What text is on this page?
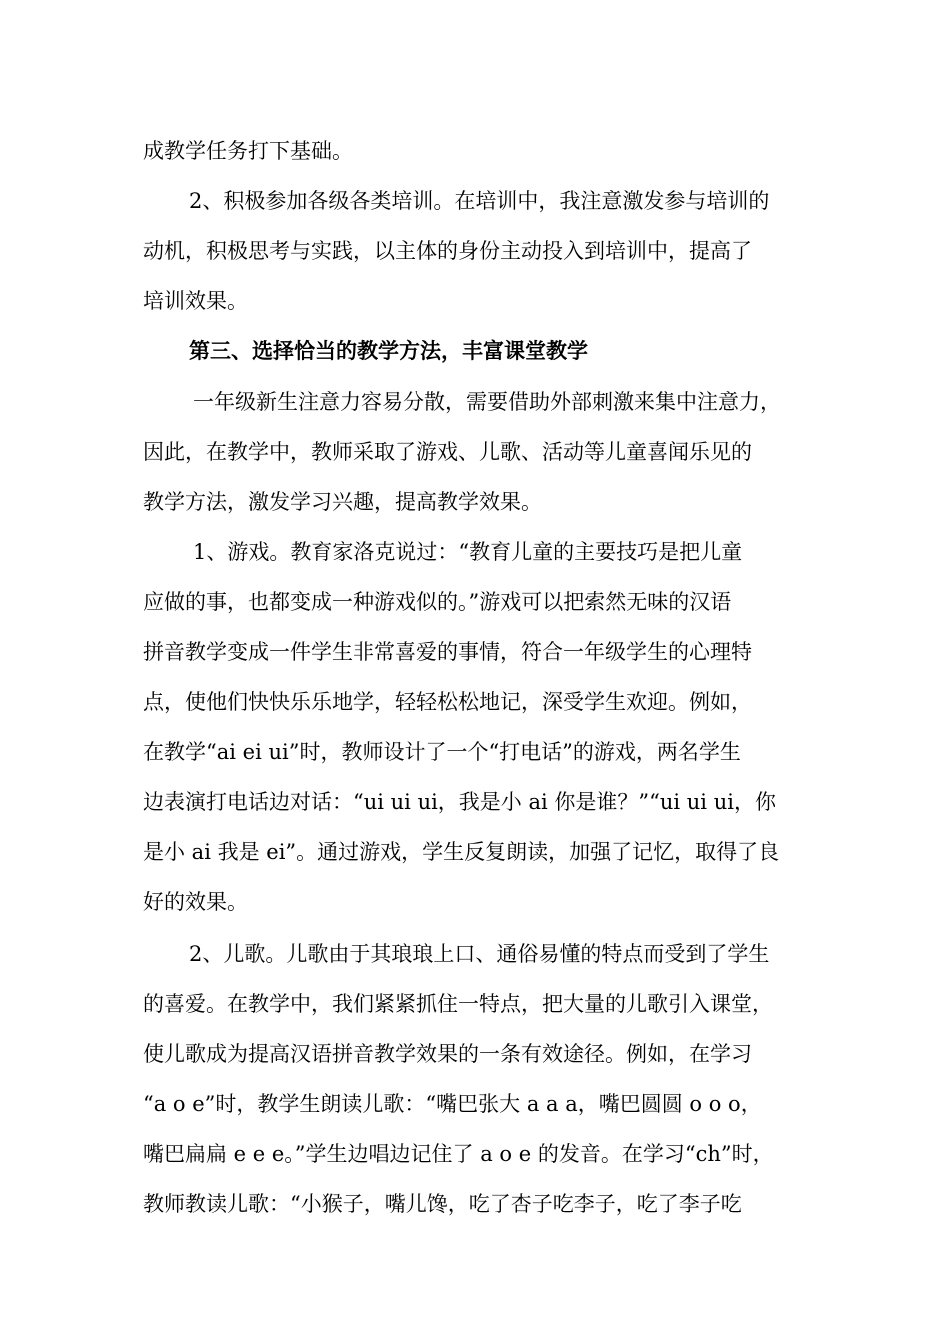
成教学任务打下基础。

2、积极参加各级各类培训。在培训中，我注意激发参与培训的

动机，积极思考与实践，以主体的身份主动投入到培训中，提高了

培训效果。

第三、选择恰当的教学方法，丰富课堂教学

一年级新生注意力容易分散，需要借助外部刺激来集中注意力，

因此，在教学中，教师采取了游戏、儿歌、活动等儿童喜闻乐见的

教学方法，激发学习兴趣，提高教学效果。

1、游戏。教育家洛克说过：“教育儿童的主要技巧是把儿童

应做的事，也都变成一种游戏似的。”游戏可以把索然无味的汉语

拼音教学变成一件学生非常喜爱的事情，符合一年级学生的心理特

点，使他们快快乐乐地学，轻轻松松地记，深受学生欢迎。例如，

在教学“ai ei ui”时，教师设计了一个“打电话”的游戏，两名学生

边表演打电话边对话：“ui ui ui，我是小 ai 你是谁？”“ui ui ui，你

是小 ai 我是 ei”。通过游戏，学生反复朗读，加强了记忆，取得了良

好的效果。

2、儿歌。儿歌由于其琅琅上口、通俗易懂的特点而受到了学生

的喜爱。在教学中，我们紧紧抓住一特点，把大量的儿歌引入课堂，

使儿歌成为提高汉语拼音教学效果的一条有效途径。例如，在学习

“a o e”时，教学生朗读儿歌：“嘴巴张大 a a a，嘴巴圆圆 o o o，

嘴巴扁扁 e e e。”学生边唱边记住了 a o e 的发音。在学习“ch”时，

教师教读儿歌：“小猴子，嘴儿馋，吃了杏子吃李子，吃了李子吃
